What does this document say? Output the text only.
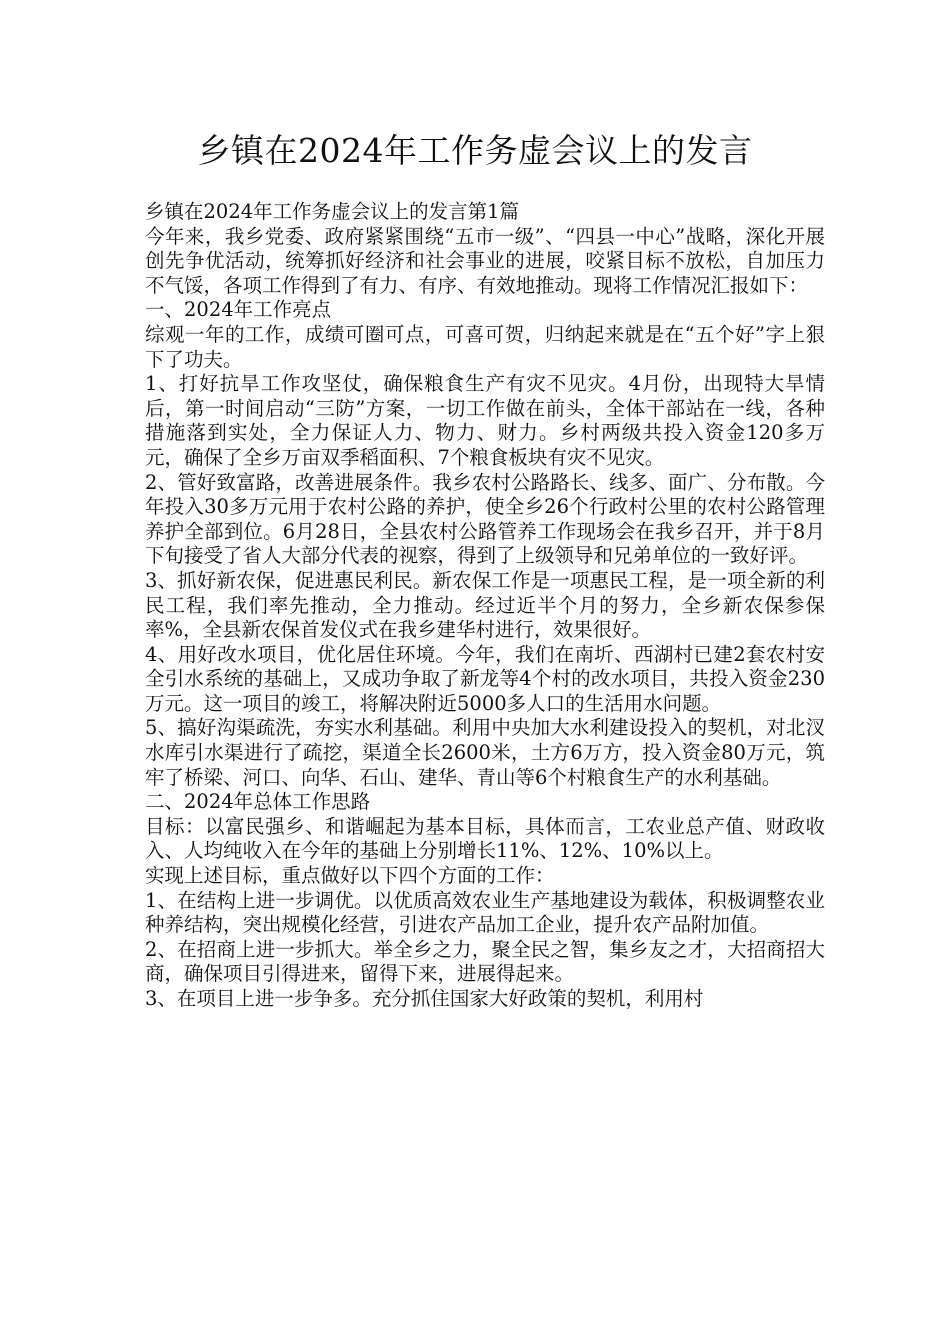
乡镇在2024年工作务虚会议上的发言

乡镇在2024年工作务虚会议上的发言第1篇

今年来，我乡党委、政府紧紧围绕“五市一级”、“四县一中心”战略，深化开展创先争优活动，统筹抓好经济和社会事业的进展，咬紧目标不放松，自加压力不气馁，各项工作得到了有力、有序、有效地推动。现将工作情况汇报如下：

一、2024年工作亮点

综观一年的工作，成绩可圈可点，可喜可贺，归纳起来就是在“五个好”字上狠下了功夫。

1、打好抗旱工作攻坚仗，确保粮食生产有灾不见灾。4月份，出现特大旱情后，第一时间启动“三防”方案，一切工作做在前头，全体干部站在一线，各种措施落到实处，全力保证人力、物力、财力。乡村两级共投入资金120多万元，确保了全乡万亩双季稻面积、7个粮食板块有灾不见灾。

2、管好致富路，改善进展条件。我乡农村公路路长、线多、面广、分布散。今年投入30多万元用于农村公路的养护，使全乡26个行政村公里的农村公路管理养护全部到位。6月28日，全县农村公路管养工作现场会在我乡召开，并于8月下旬接受了省人大部分代表的视察，得到了上级领导和兄弟单位的一致好评。

3、抓好新农保，促进惠民利民。新农保工作是一项惠民工程，是一项全新的利民工程，我们率先推动，全力推动。经过近半个月的努力，全乡新农保参保率%，全县新农保首发仪式在我乡建华村进行，效果很好。

4、用好改水项目，优化居住环境。今年，我们在南圻、西湖村已建2套农村安全引水系统的基础上，又成功争取了新龙等4个村的改水项目，共投入资金230万元。这一项目的竣工，将解决附近5000多人口的生活用水问题。

5、搞好沟渠疏洗，夯实水利基础。利用中央加大水利建设投入的契机，对北汊水库引水渠进行了疏挖，渠道全长2600米，土方6万方，投入资金80万元，筑牢了桥梁、河口、向华、石山、建华、青山等6个村粮食生产的水利基础。

二、2024年总体工作思路

目标：以富民强乡、和谐崛起为基本目标，具体而言，工农业总产值、财政收入、人均纯收入在今年的基础上分别增长11%、12%、10%以上。

实现上述目标，重点做好以下四个方面的工作：

1、在结构上进一步调优。以优质高效农业生产基地建设为载体，积极调整农业种养结构，突出规模化经营，引进农产品加工企业，提升农产品附加值。

2、在招商上进一步抓大。举全乡之力，聚全民之智，集乡友之才，大招商招大商，确保项目引得进来，留得下来，进展得起来。

3、在项目上进一步争多。充分抓住国家大好政策的契机，利用村
